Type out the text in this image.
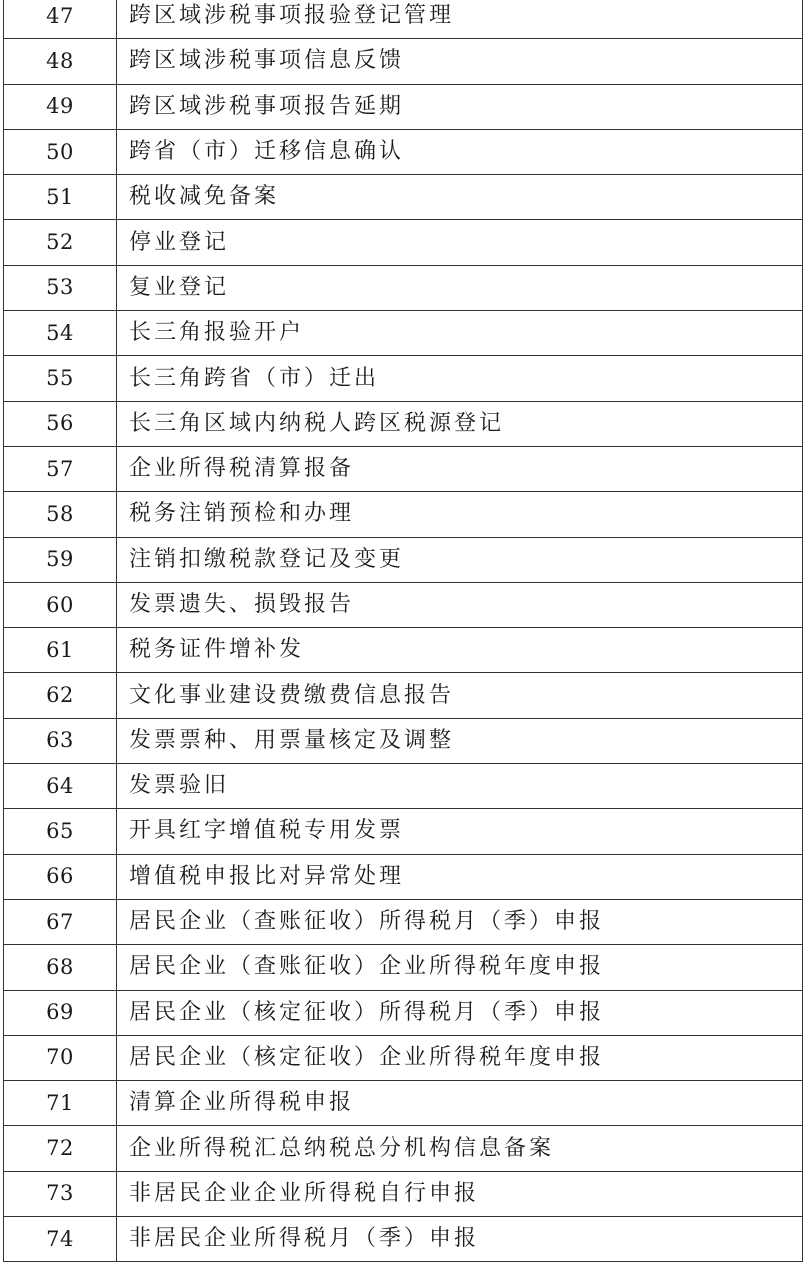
47	跨区域涉税事项报验登记管理
48	跨区域涉税事项信息反馈
49	跨区域涉税事项报告延期
50	跨省（市）迁移信息确认
51	税收减免备案
52	停业登记
53	复业登记
54	长三角报验开户
55	长三角跨省（市）迁出
56	长三角区域内纳税人跨区税源登记
57	企业所得税清算报备
58	税务注销预检和办理
59	注销扣缴税款登记及变更
60	发票遗失、损毁报告
61	税务证件增补发
62	文化事业建设费缴费信息报告
63	发票票种、用票量核定及调整
64	发票验旧
65	开具红字增值税专用发票
66	增值税申报比对异常处理
67	居民企业（查账征收）所得税月（季）申报
68	居民企业（查账征收）企业所得税年度申报
69	居民企业（核定征收）所得税月（季）申报
70	居民企业（核定征收）企业所得税年度申报
71	清算企业所得税申报
72	企业所得税汇总纳税总分机构信息备案
73	非居民企业企业所得税自行申报
74	非居民企业所得税月（季）申报
